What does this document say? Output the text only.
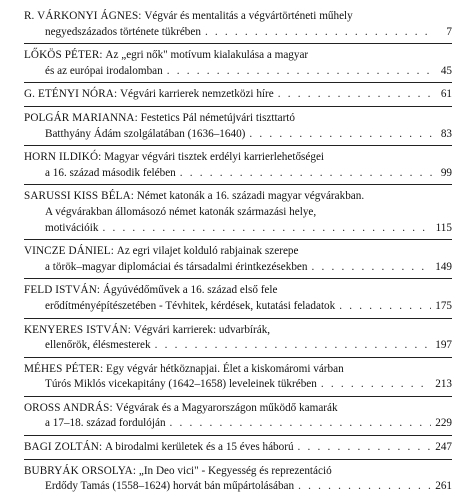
R. VÁRKONYI ÁGNES:
Végvár és mentalitás a végvártörténeti műhely
negyedszázados története tükrében . . .	7
LŐKÖS PÉTER:
Az „egri nők" motívum kialakulása a magyar
és az európai irodalomban . . .	45
G. ETÉNYI NÓRA:
Végvári karrierek nemzetközi híre . . .	61
POLGÁR MARIANNA:
Festetics Pál németújvári tiszttartó
Batthyány Ádám szolgálatában (1636–1640) . . .	83
HORN ILDIKÓ:
Magyar végvári tisztek erdélyi karrierlehetőségei
a 16. század második felében . . .	99
SARUSSI KISS BÉLA:
Német katonák a 16. századi magyar végvárakban.
A végvárakban állomásozó német katonák származási helye,
motivációik . . .	115
VINCZE DÁNIEL:
Az egri vilajet kolduló rabjainak szerepe
a török–magyar diplomáciai és társadalmi érintkezésekben . . .	149
FELD ISTVÁN:
Ágyúvédőművek a 16. század első fele
erődítményépítészetében - Tévhitek, kérdések, kutatási feladatok . . .	175
KENYERES ISTVÁN:
Végvári karrierek: udvarbírák,
ellenőrök, élésmesterek . . .	197
MÉHES PÉTER:
Egy végvár hétköznapjai. Élet a kiskomáromi várban
Túrós Miklós vicekapitány (1642–1658) leveleinek tükrében . . .	213
OROSS ANDRÁS:
Végvárak és a Magyarországon működő kamarák
a 17–18. század fordulóján . . .	229
BAGI ZOLTÁN:
A birodalmi kerületek és a 15 éves háború . . .	247
BUBRYÁK ORSOLYA:
„In Deo vici" - Kegyesség és reprezentáció
Erdődy Tamás (1558–1624) horvát bán műpártolásában . . .	261
